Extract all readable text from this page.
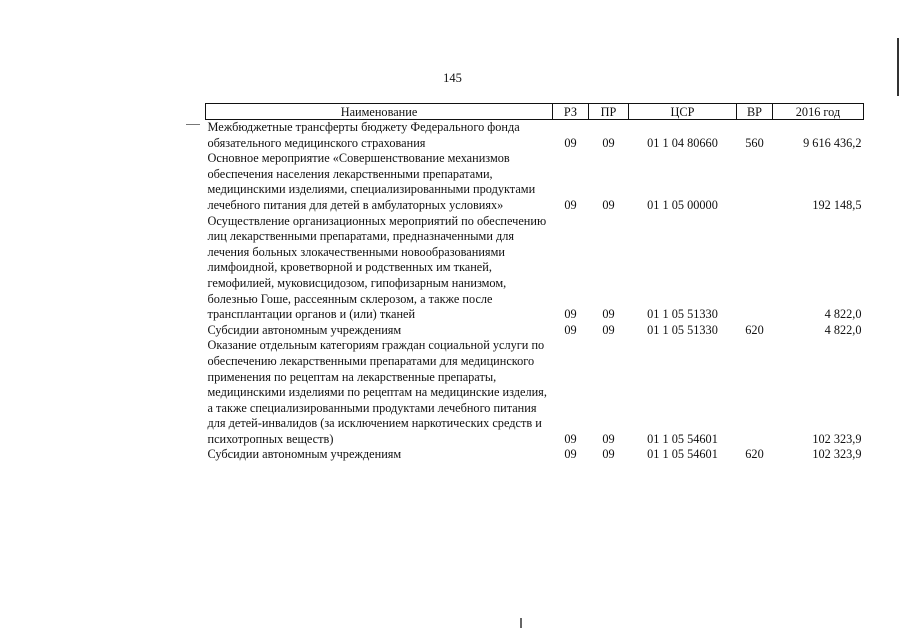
145
Наименование	РЗ	ПР	ЦСР	ВР	2016 год
Межбюджетные трансферты бюджету Федерального фонда обязательного медицинского страхования	09	09	01 1 04 80660	560	9 616 436,2
Основное мероприятие «Совершенствование механизмов обеспечения населения лекарственными препаратами, медицинскими изделиями, специализированными продуктами лечебного питания для детей в амбулаторных условиях»	09	09	01 1 05 00000		192 148,5
Осуществление организационных мероприятий по обеспечению лиц лекарственными препаратами, предназначенными для лечения больных злокачественными новообразованиями лимфоидной, кроветворной и родственных им тканей, гемофилией, муковисцидозом, гипофизарным нанизмом, болезнью Гоше, рассеянным склерозом, а также после трансплантации органов и (или) тканей	09	09	01 1 05 51330		4 822,0
Субсидии автономным учреждениям	09	09	01 1 05 51330	620	4 822,0
Оказание отдельным категориям граждан социальной услуги по обеспечению лекарственными препаратами для медицинского применения по рецептам на лекарственные препараты, медицинскими изделиями по рецептам на медицинские изделия, а также специализированными продуктами лечебного питания для детей-инвалидов (за исключением наркотических средств и психотропных веществ)	09	09	01 1 05 54601		102 323,9
Субсидии автономным учреждениям	09	09	01 1 05 54601	620	102 323,9
